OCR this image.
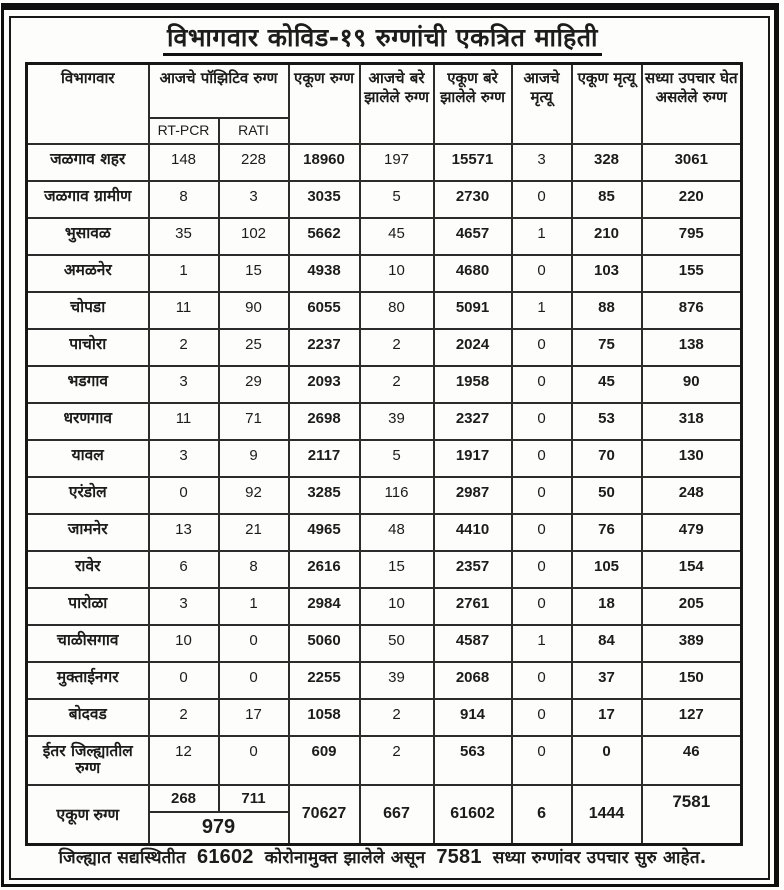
विभागवार कोविड-१९ रुग्णांची एकत्रित माहिती
विभागवार	आजचे पॉझिटिव रुग्ण		एकूण रुग्ण	आजचे बरे झालेले रुग्ण	एकूण बरे झालेले रुग्ण	आजचे मृत्यू	एकूण मृत्यू	सध्या उपचार घेत असलेले रुग्ण
	RT-PCR	RATI						
जळगाव शहर	148	228	18960	197	15571	3	328	3061
जळगाव ग्रामीण	8	3	3035	5	2730	0	85	220
भुसावळ	35	102	5662	45	4657	1	210	795
अमळनेर	1	15	4938	10	4680	0	103	155
चोपडा	11	90	6055	80	5091	1	88	876
पाचोरा	2	25	2237	2	2024	0	75	138
भडगाव	3	29	2093	2	1958	0	45	90
धरणगाव	11	71	2698	39	2327	0	53	318
यावल	3	9	2117	5	1917	0	70	130
एरंडोल	0	92	3285	116	2987	0	50	248
जामनेर	13	21	4965	48	4410	0	76	479
रावेर	6	8	2616	15	2357	0	105	154
पारोळा	3	1	2984	10	2761	0	18	205
चाळीसगाव	10	0	5060	50	4587	1	84	389
मुक्ताईनगर	0	0	2255	39	2068	0	37	150
बोदवड	2	17	1058	2	914	0	17	127
ईतर जिल्ह्यातील रुग्ण	12	0	609	2	563	0	0	46
एकूण रुग्ण	268	711	70627	667	61602	6	1444	7581
	979							
जिल्ह्यात सद्यस्थितीत 61602 कोरोनामुक्त झालेले असून 7581 सध्या रुग्णांवर उपचार सुरु आहेत.
